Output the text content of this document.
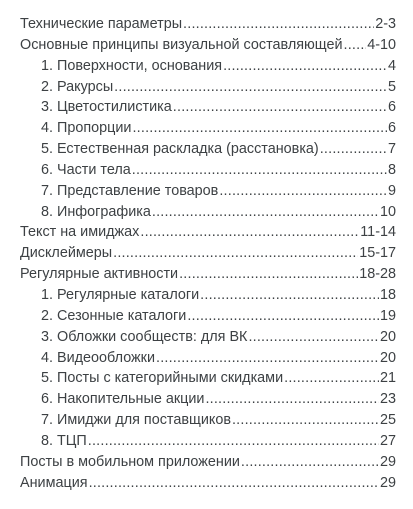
Технические параметры .....	2-3
Основные принципы визуальной составляющей ..... 4-10
1. Поверхности, основания .....	4
2. Ракурсы .....	5
3. Цветостилистика .....	6
4. Пропорции .....	6
5. Естественная раскладка (расстановка) .....	7
6. Части тела .....	8
7. Представление товаров .....	9
8. Инфографика .....	10
Текст на имиджах .....	11-14
Дисклеймеры .....	15-17
Регулярные активности .....	18-28
1. Регулярные каталоги .....	18
2. Сезонные каталоги .....	19
3. Обложки сообществ: для ВК .....	20
4. Видеообложки .....	20
5. Посты с категорийными скидками .....	21
6. Накопительные акции .....	23
7. Имиджи для поставщиков .....	25
8. ТЦП .....	27
Посты в мобильном приложении .....	29
Анимация .....	29
